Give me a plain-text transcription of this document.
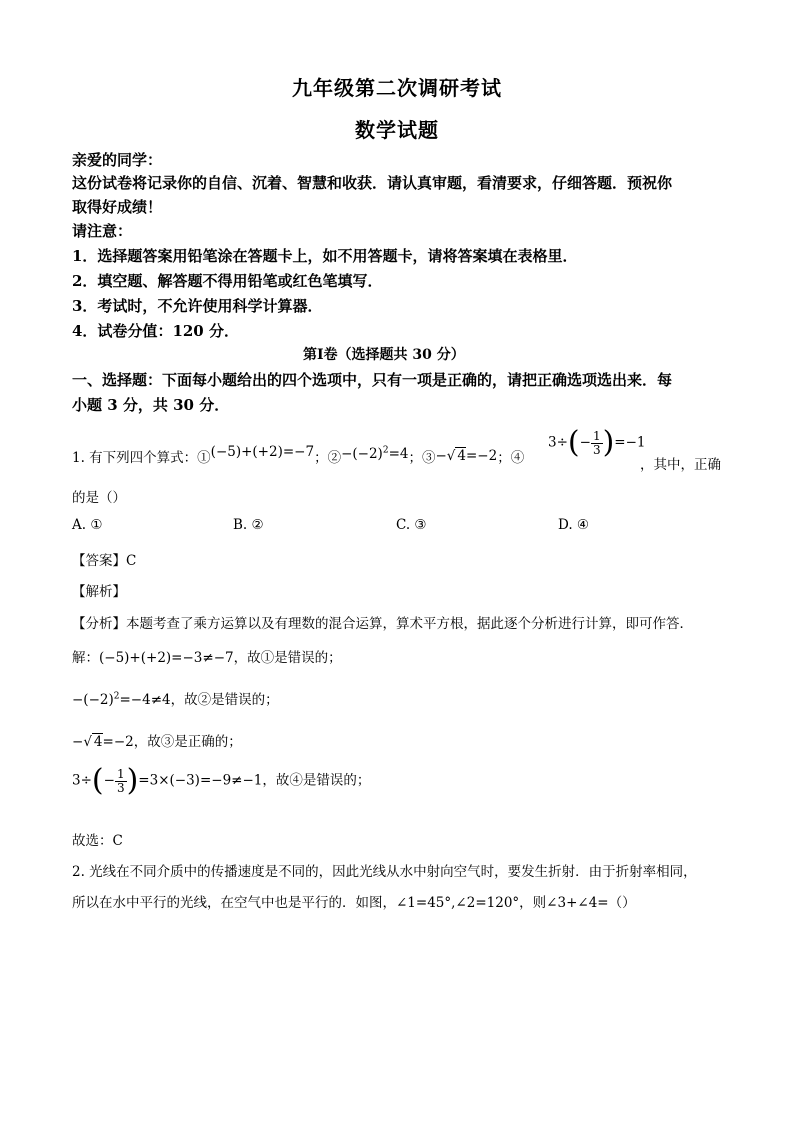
九年级第二次调研考试
数学试题
亲爱的同学：
这份试卷将记录你的自信、沉着、智慧和收获．请认真审题，看清要求，仔细答题．预祝你
取得好成绩！
请注意：
1．选择题答案用铅笔涂在答题卡上，如不用答题卡，请将答案填在表格里．
2．填空题、解答题不得用铅笔或红色笔填写．
3．考试时，不允许使用科学计算器．
4．试卷分值：120 分．
第Ⅰ卷（选择题共 30 分）
一、选择题：下面每小题给出的四个选项中，只有一项是正确的，请把正确选项选出来．每
小题 3 分，共 30 分．
1. 有下列四个算式：①(−5)+(+2)=−7；$②-(-2)^2=4$；③−√ 4=−2；④
$3\div(- \frac{1}{3} )=-1$
，其中，正确
的是（）
A. ①	B. ②	C. ③	D. ④
【答案】C
【解析】
【分析】本题考查了乘方运算以及有理数的混合运算，算术平方根，据此逐个分析进行计算，即可作答．
解：(−5)+(+2)=−3≠−7，故①是错误的；
$-(-2)^2=-4\ne 4$，故②是错误的；
−√ 4=−2，故③是正确的；
$3\div(- \frac{1}{3} )=3\times(-3)=-9\ne-1$，故④是错误的；
故选：C
2. 光线在不同介质中的传播速度是不同的，因此光线从水中射向空气时，要发生折射．由于折射率相同，
所以在水中平行的光线，在空气中也是平行的．如图，∠1=45°,∠2=120°，则∠3+∠4=（）
